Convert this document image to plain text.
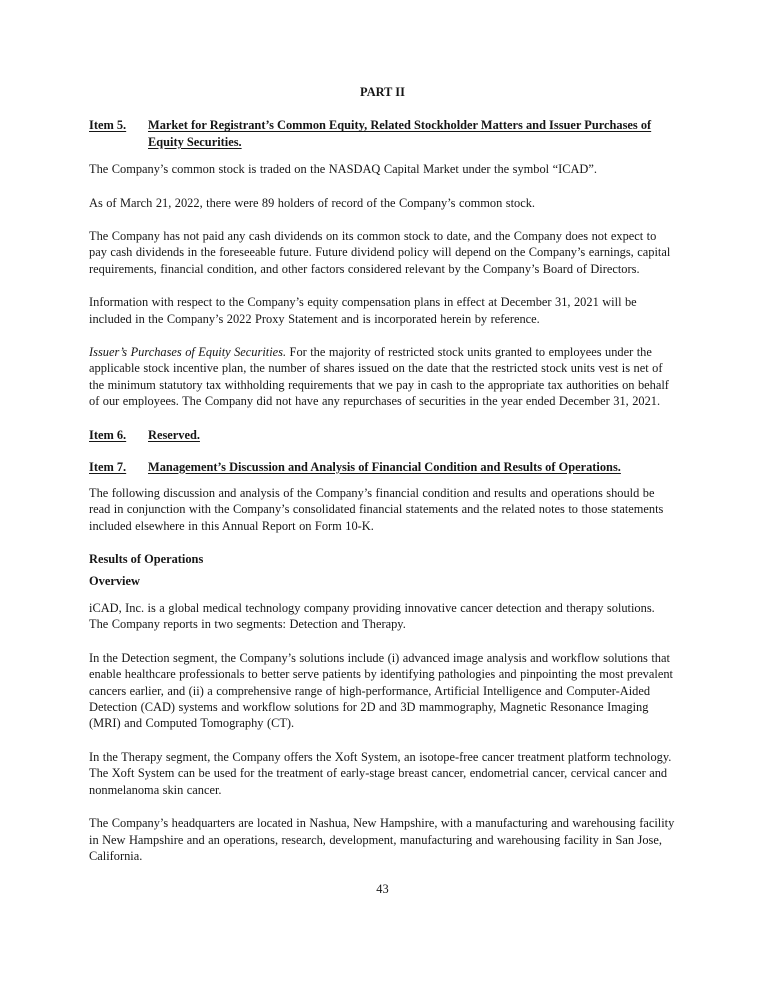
PART II
Item 5.	Market for Registrant’s Common Equity, Related Stockholder Matters and Issuer Purchases of Equity Securities.

The Company’s common stock is traded on the NASDAQ Capital Market under the symbol “ICAD”.

As of March 21, 2022, there were 89 holders of record of the Company’s common stock.

The Company has not paid any cash dividends on its common stock to date, and the Company does not expect to pay cash dividends in the foreseeable future. Future dividend policy will depend on the Company’s earnings, capital requirements, financial condition, and other factors considered relevant by the Company’s Board of Directors.

Information with respect to the Company’s equity compensation plans in effect at December 31, 2021 will be included in the Company’s 2022 Proxy Statement and is incorporated herein by reference.

Issuer’s Purchases of Equity Securities. For the majority of restricted stock units granted to employees under the applicable stock incentive plan, the number of shares issued on the date that the restricted stock units vest is net of the minimum statutory tax withholding requirements that we pay in cash to the appropriate tax authorities on behalf of our employees. The Company did not have any repurchases of securities in the year ended December 31, 2021.

Item 6.	Reserved.
Item 7.	Management’s Discussion and Analysis of Financial Condition and Results of Operations.

The following discussion and analysis of the Company’s financial condition and results and operations should be read in conjunction with the Company’s consolidated financial statements and the related notes to those statements included elsewhere in this Annual Report on Form 10-K.

Results of Operations
Overview

iCAD, Inc. is a global medical technology company providing innovative cancer detection and therapy solutions. The Company reports in two segments: Detection and Therapy.

In the Detection segment, the Company’s solutions include (i) advanced image analysis and workflow solutions that enable healthcare professionals to better serve patients by identifying pathologies and pinpointing the most prevalent cancers earlier, and (ii) a comprehensive range of high-performance, Artificial Intelligence and Computer-Aided Detection (CAD) systems and workflow solutions for 2D and 3D mammography, Magnetic Resonance Imaging (MRI) and Computed Tomography (CT).

In the Therapy segment, the Company offers the Xoft System, an isotope-free cancer treatment platform technology. The Xoft System can be used for the treatment of early-stage breast cancer, endometrial cancer, cervical cancer and nonmelanoma skin cancer.

The Company’s headquarters are located in Nashua, New Hampshire, with a manufacturing and warehousing facility in New Hampshire and an operations, research, development, manufacturing and warehousing facility in San Jose, California.

43
